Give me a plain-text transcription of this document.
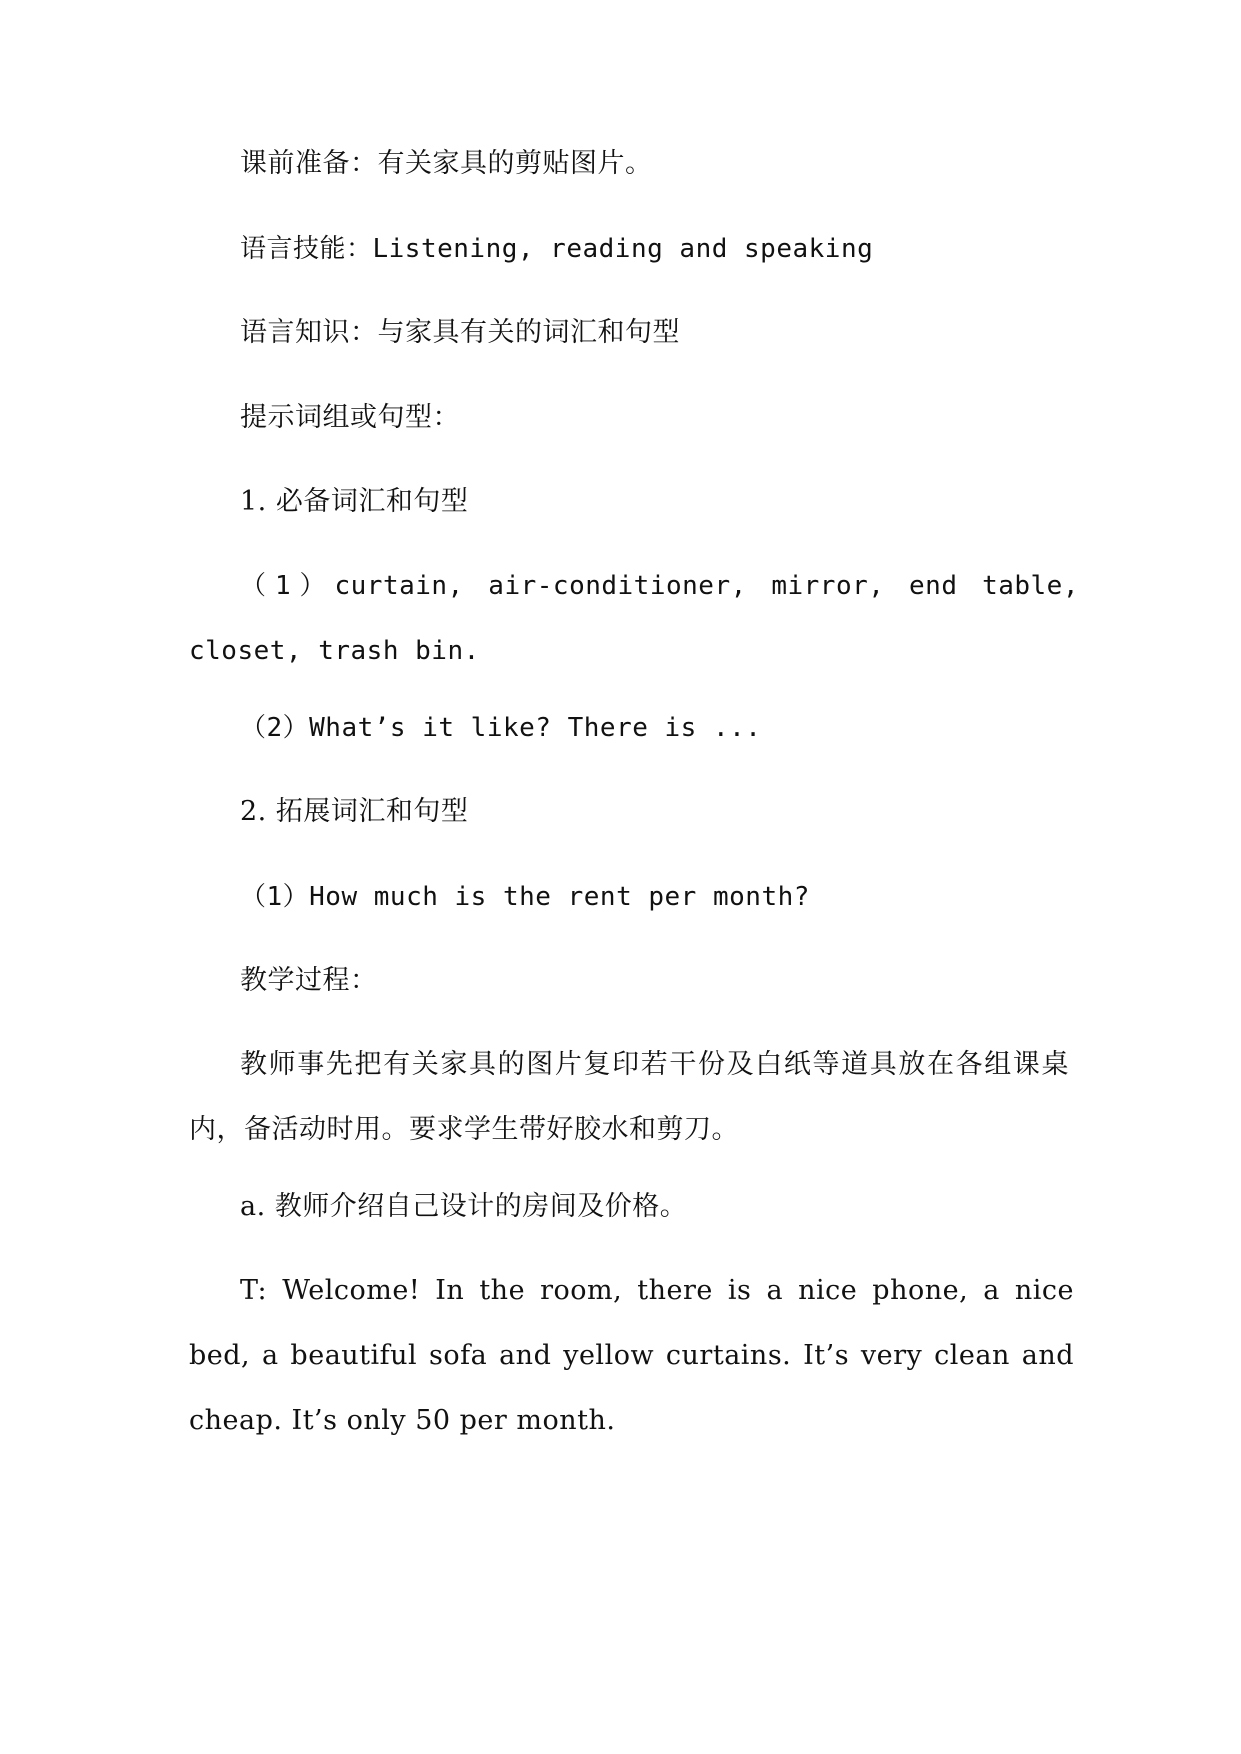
课前准备：有关家具的剪贴图片。
语言技能：Listening, reading and speaking
语言知识：与家具有关的词汇和句型
提示词组或句型：
1. 必备词汇和句型
（1）curtain, air-conditioner, mirror, end table, closet, trash bin.
（2）What’s it like? There is ...
2. 拓展词汇和句型
（1）How much is the rent per month?
教学过程：
教师事先把有关家具的图片复印若干份及白纸等道具放在各组课桌内，备活动时用。要求学生带好胶水和剪刀。
a. 教师介绍自己设计的房间及价格。
T: Welcome! In the room, there is a nice phone, a nice bed, a beautiful sofa and yellow curtains. It’s very clean and cheap. It’s only 50 per month.
